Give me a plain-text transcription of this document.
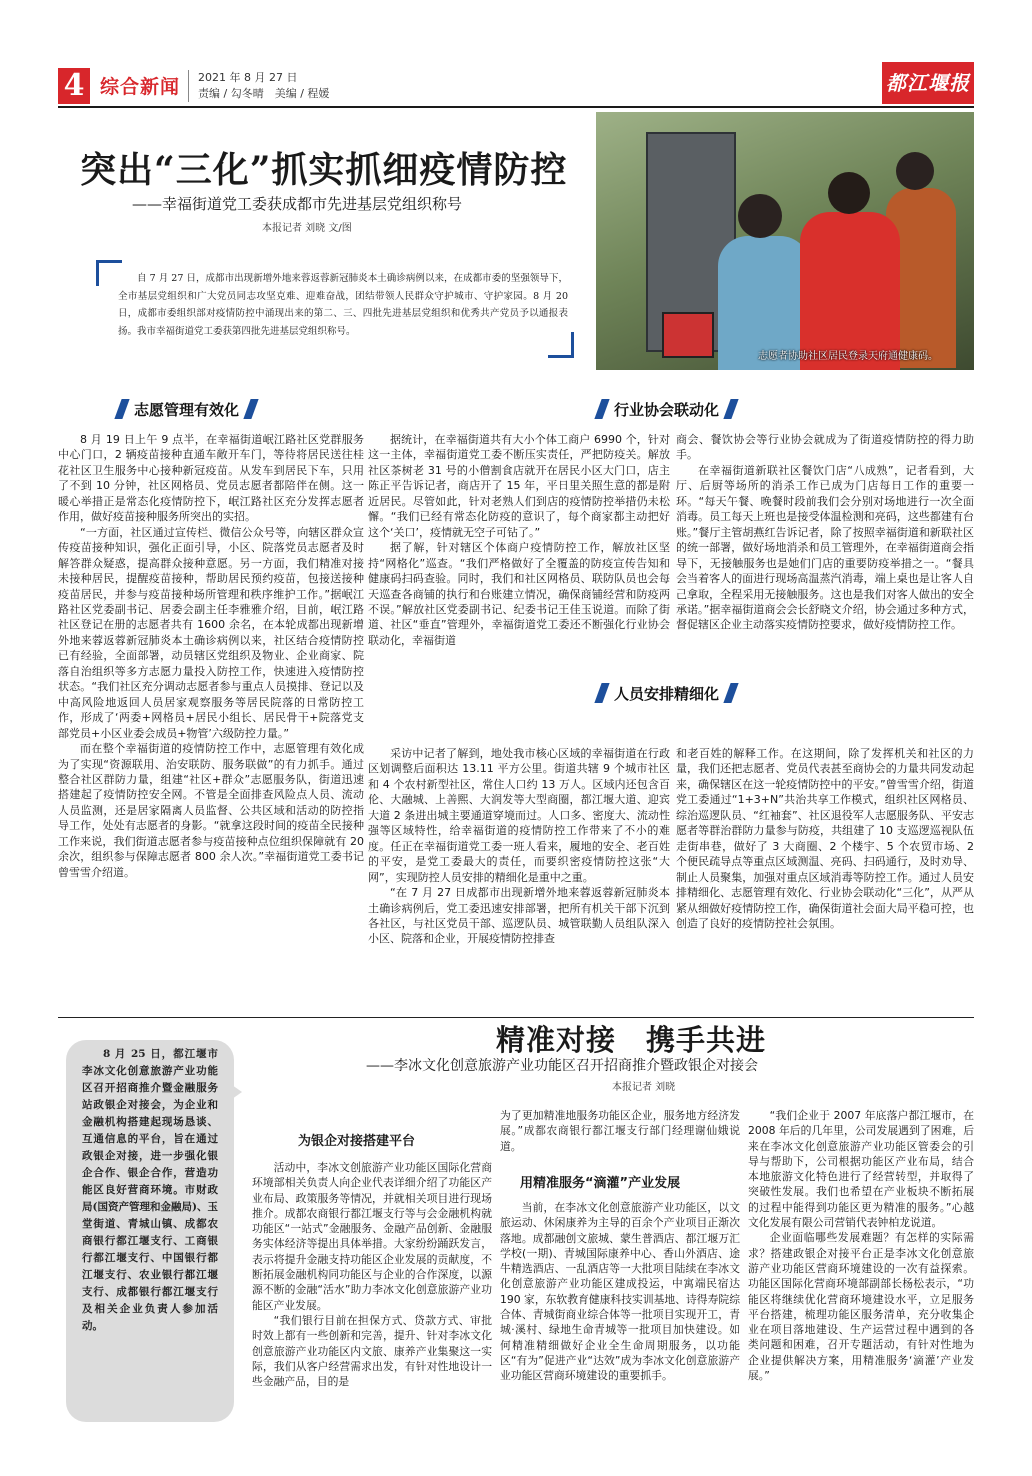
4 综合新闻 2021 年 8 月 27 日
责编 / 勾冬晴　美编 / 程媛	都江堰报
突出“三化”抓实抓细疫情防控
——幸福街道党工委获成都市先进基层党组织称号
本报记者 刘晓 文/图
自 7 月 27 日，成都市出现新增外地来蓉返蓉新冠肺炎本土确诊病例以来，在成都市委的坚强领导下，全市基层党组织和广大党员同志攻坚克难、迎难奋战，团结带领人民群众守护城市、守护家园。8 月 20 日，成都市委组织部对疫情防控中涌现出来的第二、三、四批先进基层党组织和优秀共产党员予以通报表扬。我市幸福街道党工委获第四批先进基层党组织称号。
志愿者协助社区居民登录天府通健康码。
志愿管理有效化	行业协会联动化
人员安排精细化

8 月 19 日上午 9 点半，在幸福街道岷江路社区党群服务中心门口，2 辆疫苗接种直通车敞开车门，等待将居民送往桂花社区卫生服务中心接种新冠疫苗。从发车到居民下车，只用了不到 10 分钟，社区网格员、党员志愿者都陪伴在侧。这一暖心举措正是常态化疫情防控下，岷江路社区充分发挥志愿者作用，做好疫苗接种服务所突出的实招。

“一方面，社区通过宣传栏、微信公众号等，向辖区群众宣传疫苗接种知识，强化正面引导，小区、院落党员志愿者及时解答群众疑惑，提高群众接种意愿。另一方面，我们精准对接未接种居民，提醒疫苗接种，帮助居民预约疫苗，包接送接种疫苗居民，并参与疫苗接种场所管理和秩序维护工作。”据岷江路社区党委副书记、居委会副主任李雅雅介绍，目前，岷江路社区登记在册的志愿者共有 1600 余名，在本轮成都出现新增外地来蓉返蓉新冠肺炎本土确诊病例以来，社区结合疫情防控已有经验，全面部署，动员辖区党组织及物业、企业商家、院落自治组织等多方志愿力量投入防控工作，快速进入疫情防控状态。“我们社区充分调动志愿者参与重点人员摸排、登记以及中高风险地返回人员居家观察服务等居民院落的日常防控工作，形成了‘两委+网格员+居民小组长、居民骨干+院落党支部党员+小区业委会成员+物管’六级防控力量。”

而在整个幸福街道的疫情防控工作中，志愿管理有效化成为了实现“资源联用、治安联防、服务联做”的有力抓手。通过整合社区群防力量，组建“社区+群众”志愿服务队，街道迅速搭建起了疫情防控安全网。不管是全面排查风险点人员、流动人员监测，还是居家隔离人员监督、公共区域和活动的防控指导工作，处处有志愿者的身影。“就拿这段时间的疫苗全民接种工作来说，我们街道志愿者参与疫苗接种点位组织保障就有 20 余次，组织参与保障志愿者 800 余人次。”幸福街道党工委书记曾雪雪介绍道。

据统计，在幸福街道共有大小个体工商户 6990 个，针对这一主体，幸福街道党工委不断压实责任，严把防疫关。解放社区茶树老 31 号的小僧割食店就开在居民小区大门口，店主陈正平告诉记者，商店开了 15 年，平日里关照生意的都是附近居民。尽管如此，针对老熟人们到店的疫情防控举措仍未松懈。“我们已经有常态化防疫的意识了，每个商家都主动把好这个‘关口’，疫情就无空子可钻了。”

据了解，针对辖区个体商户疫情防控工作，解放社区坚持“网格化”巡查。“我们严格做好了全覆盖的防疫宣传告知和健康码扫码查验。同时，我们和社区网格员、联防队员也会每天巡查各商铺的执行和台账建立情况，确保商铺经营和防疫两不误。”解放社区党委副书记、纪委书记王佳玉说道。而除了街道、社区“垂直”管理外，幸福街道党工委还不断强化行业协会联动化，幸福街道

商会、餐饮协会等行业协会就成为了街道疫情防控的得力助手。

在幸福街道新联社区餐饮门店“八成熟”，记者看到，大厅、后厨等场所的消杀工作已成为门店每日工作的重要一环。“每天午餐、晚餐时段前我们会分别对场地进行一次全面消毒。员工每天上班也是接受体温检测和亮码，这些都建有台账。”餐厅主管胡燕红告诉记者，除了按照幸福街道和新联社区的统一部署，做好场地消杀和员工管理外，在幸福街道商会指导下，无接触服务也是她们门店的重要防疫举措之一。“餐具会当着客人的面进行现场高温蒸汽消毒，端上桌也是让客人自己拿取，全程采用无接触服务。这也是我们对客人做出的安全承诺。”据幸福街道商会会长舒晓文介绍，协会通过多种方式，督促辖区企业主动落实疫情防控要求，做好疫情防控工作。

采访中记者了解到，地处我市核心区域的幸福街道在行政区划调整后面积达 13.11 平方公里。街道共辖 9 个城市社区和 4 个农村新型社区，常住人口约 13 万人。区域内还包含百伦、大融城、上善熙、大润发等大型商圈，都江堰大道、迎宾大道 2 条进出城主要通道穿境而过。人口多、密度大、流动性强等区域特性，给幸福街道的疫情防控工作带来了不小的难度。任正在幸福街道党工委一班人看来，履地的安全、老百姓的平安，是党工委最大的责任，而要织密疫情防控这张“大网”，实现防控人员安排的精细化是重中之重。

“在 7 月 27 日成都市出现新增外地来蓉返蓉新冠肺炎本土确诊病例后，党工委迅速安排部署，把所有机关干部下沉到各社区，与社区党员干部、巡逻队员、城管联勤人员组队深入小区、院落和企业，开展疫情防控排查

和老百姓的解释工作。在这期间，除了发挥机关和社区的力量，我们还把志愿者、党员代表甚至商协会的力量共同发动起来，确保辖区在这一轮疫情防控中的平安。”曾雪雪介绍，街道党工委通过“1+3+N”共治共享工作模式，组织社区网格员、综治巡逻队员、“红袖套”、社区退役军人志愿服务队、平安志愿者等群治群防力量参与防疫，共组建了 10 支巡逻巡视队伍走街串巷，做好了 3 大商圈、2 个楼宇、5 个农贸市场、2 个便民疏导点等重点区域测温、亮码、扫码通行，及时劝导、制止人员聚集，加强对重点区域消毒等防控工作。通过人员安排精细化、志愿管理有效化、行业协会联动化“三化”，从严从紧从细做好疫情防控工作，确保街道社会面大局平稳可控，也创造了良好的疫情防控社会氛围。

8 月 25 日，都江堰市李冰文化创意旅游产业功能区召开招商推介暨金融服务站政银企对接会，为企业和金融机构搭建起现场恳谈、互通信息的平台，旨在通过政银企对接，进一步强化银企合作、银企合作，营造功能区良好营商环境。市财政局(国资产管理和金融局)、玉堂街道、青城山镇、成都农商银行都江堰支行、工商银行都江堰支行、中国银行都江堰支行、农业银行都江堰支行、成都银行都江堰支行及相关企业负责人参加活动。
精准对接　携手共进
——李冰文化创意旅游产业功能区召开招商推介暨政银企对接会
本报记者 刘晓
为银企对接搭建平台

活动中，李冰文创旅游产业功能区国际化营商环境部相关负责人向企业代表详细介绍了功能区产业布局、政策服务等情况，并就相关项目进行现场推介。成都农商银行都江堰支行等与会金融机构就功能区“一站式”金融服务、金融产品创新、金融服务实体经济等提出具体举措。大家纷纷踊跃发言，表示将提升金融支持功能区企业发展的贡献度，不断拓展金融机构同功能区与企业的合作深度，以源源不断的金融“活水”助力李冰文化创意旅游产业功能区产业发展。

“我们银行目前在担保方式、贷款方式、审批时效上都有一些创新和完善，提升、针对李冰文化创意旅游产业功能区内文旅、康养产业集聚这一实际，我们从客户经营需求出发，有针对性地设计一些金融产品，目的是

为了更加精准地服务功能区企业，服务地方经济发展。”成都农商银行都江堰支行部门经理谢仙娥说道。

用精准服务“滴灌”产业发展

当前，在李冰文化创意旅游产业功能区，以文旅运动、休闲康养为主导的百余个产业项目正渐次落地。成都融创文旅城、蒙生普酒店、都江堰万汇学校(一期)、青城国际康养中心、香山外酒店、途牛精选酒店、一乱酒店等一大批项目陆续在李冰文化创意旅游产业功能区建成投运，中寓端民宿达 190 家，东软教育健康科技实训基地、诗得寿院综合体、青城街商业综合体等一批项目实现开工，青城·溪村、绿地生命青城等一批项目加快建设。如何精准精细做好企业全生命周期服务，以功能区“有为”促进产业“达效”成为李冰文化创意旅游产业功能区营商环境建设的重要抓手。

“我们企业于 2007 年底落户都江堰市，在 2008 年后的几年里，公司发展遇到了困难，后来在李冰文化创意旅游产业功能区管委会的引导与帮助下，公司根据功能区产业布局，结合本地旅游文化特色进行了经营转型，并取得了突破性发展。我们也希望在产业板块不断拓展的过程中能得到功能区更为精准的服务。”心越文化发展有限公司营销代表钟柏龙说道。

企业面临哪些发展难题？有怎样的实际需求？搭建政银企对接平台正是李冰文化创意旅游产业功能区营商环境建设的一次有益探索。功能区国际化营商环境部副部长杨松表示，“功能区将继续优化营商环境建设水平，立足服务平台搭建，梳理功能区服务清单，充分收集企业在项目落地建设、生产运营过程中遇到的各类问题和困难，召开专题活动，有针对性地为企业提供解决方案，用精准服务‘滴灌’产业发展。”
